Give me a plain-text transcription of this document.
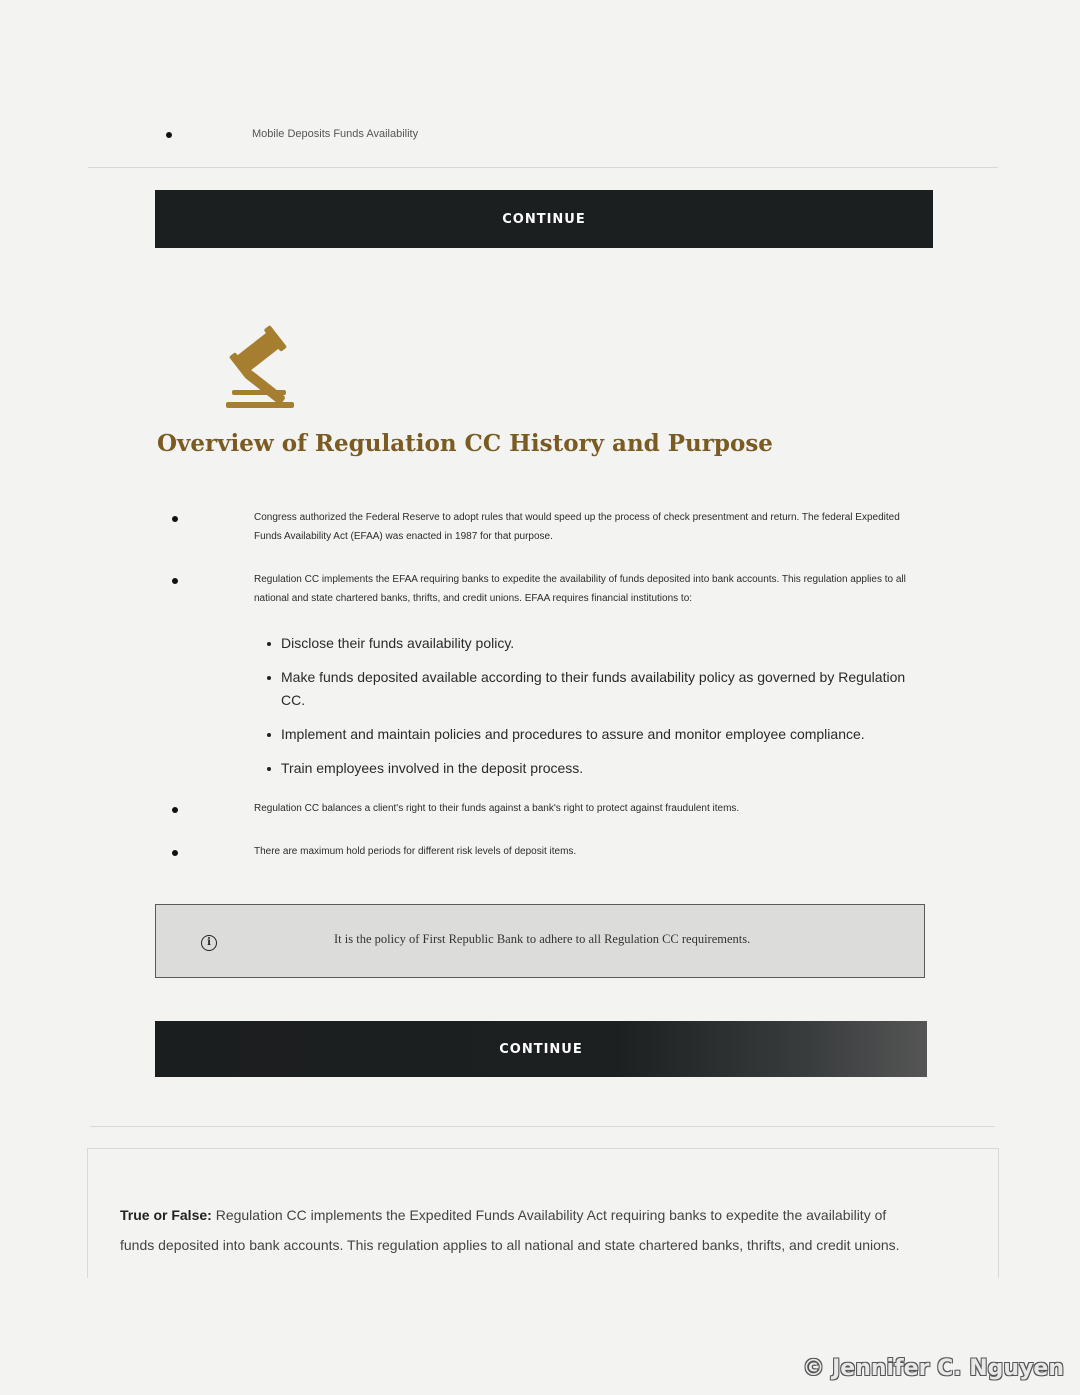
Mobile Deposits Funds Availability
CONTINUE
Overview of Regulation CC History and Purpose
Congress authorized the Federal Reserve to adopt rules that would speed up the process of check presentment and return. The federal Expedited Funds Availability Act (EFAA) was enacted in 1987 for that purpose.
Regulation CC implements the EFAA requiring banks to expedite the availability of funds deposited into bank accounts. This regulation applies to all national and state chartered banks, thrifts, and credit unions. EFAA requires financial institutions to:
Disclose their funds availability policy.
Make funds deposited available according to their funds availability policy as governed by Regulation CC.
Implement and maintain policies and procedures to assure and monitor employee compliance.
Train employees involved in the deposit process.
Regulation CC balances a client's right to their funds against a bank's right to protect against fraudulent items.
There are maximum hold periods for different risk levels of deposit items.
i	It is the policy of First Republic Bank to adhere to all Regulation CC requirements.
CONTINUE

True or False: Regulation CC implements the Expedited Funds Availability Act requiring banks to expedite the availability of funds deposited into bank accounts. This regulation applies to all national and state chartered banks, thrifts, and credit unions.

© Jennifer C. Nguyen
